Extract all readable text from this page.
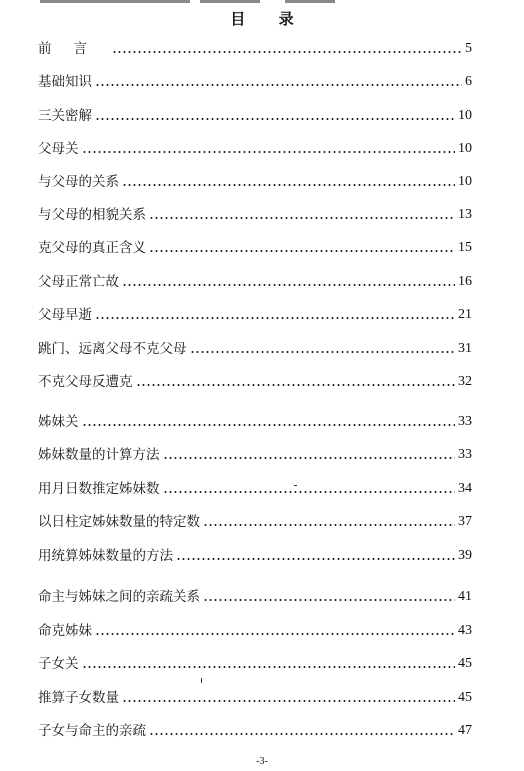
目 录
前言	5
基础知识	6
三关密解	10
父母关	10
与父母的关系	10
与父母的相貌关系	13
克父母的真正含义	15
父母正常亡故	16
父母早逝	21
跳门、远离父母不克父母	31
不克父母反遭克	32
姊妹关	33
姊妹数量的计算方法	33
用月日数推定姊妹数	34
以日柱定姊妹数量的特定数	37
用统算姊妹数量的方法	39
命主与姊妹之间的亲疏关系	41
命克姊妹	43
子女关	45
推算子女数量	45
子女与命主的亲疏	47
-3-
